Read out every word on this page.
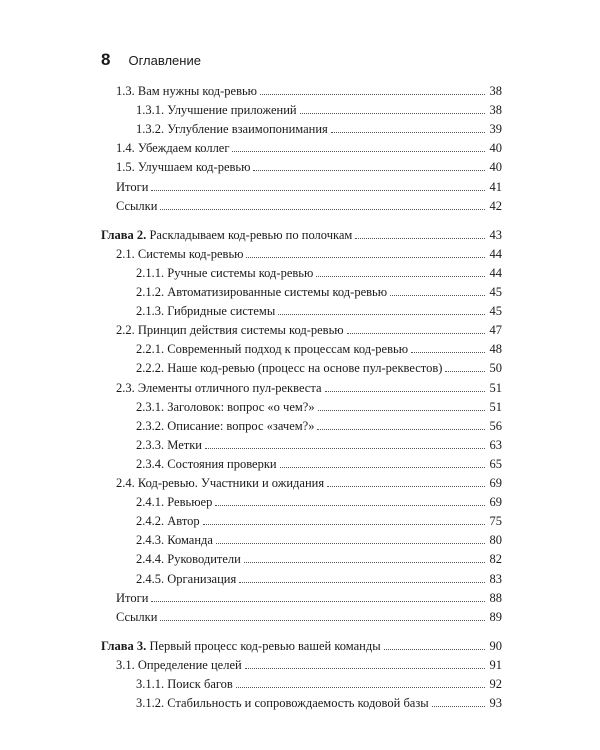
8 Оглавление
1.3. Вам нужны код-ревью	38
1.3.1. Улучшение приложений	38
1.3.2. Углубление взаимопонимания	39
1.4. Убеждаем коллег	40
1.5. Улучшаем код-ревью	40
Итоги	41
Ссылки	42
Глава 2. Раскладываем код-ревью по полочкам	43
2.1. Системы код-ревью	44
2.1.1. Ручные системы код-ревью	44
2.1.2. Автоматизированные системы код-ревью	45
2.1.3. Гибридные системы	45
2.2. Принцип действия системы код-ревью	47
2.2.1. Современный подход к процессам код-ревью	48
2.2.2. Наше код-ревью (процесс на основе пул-реквестов)	50
2.3. Элементы отличного пул-реквеста	51
2.3.1. Заголовок: вопрос «о чем?»	51
2.3.2. Описание: вопрос «зачем?»	56
2.3.3. Метки	63
2.3.4. Состояния проверки	65
2.4. Код-ревью. Участники и ожидания	69
2.4.1. Ревьюер	69
2.4.2. Автор	75
2.4.3. Команда	80
2.4.4. Руководители	82
2.4.5. Организация	83
Итоги	88
Ссылки	89
Глава 3. Первый процесс код-ревью вашей команды	90
3.1. Определение целей	91
3.1.1. Поиск багов	92
3.1.2. Стабильность и сопровождаемость кодовой базы	93
